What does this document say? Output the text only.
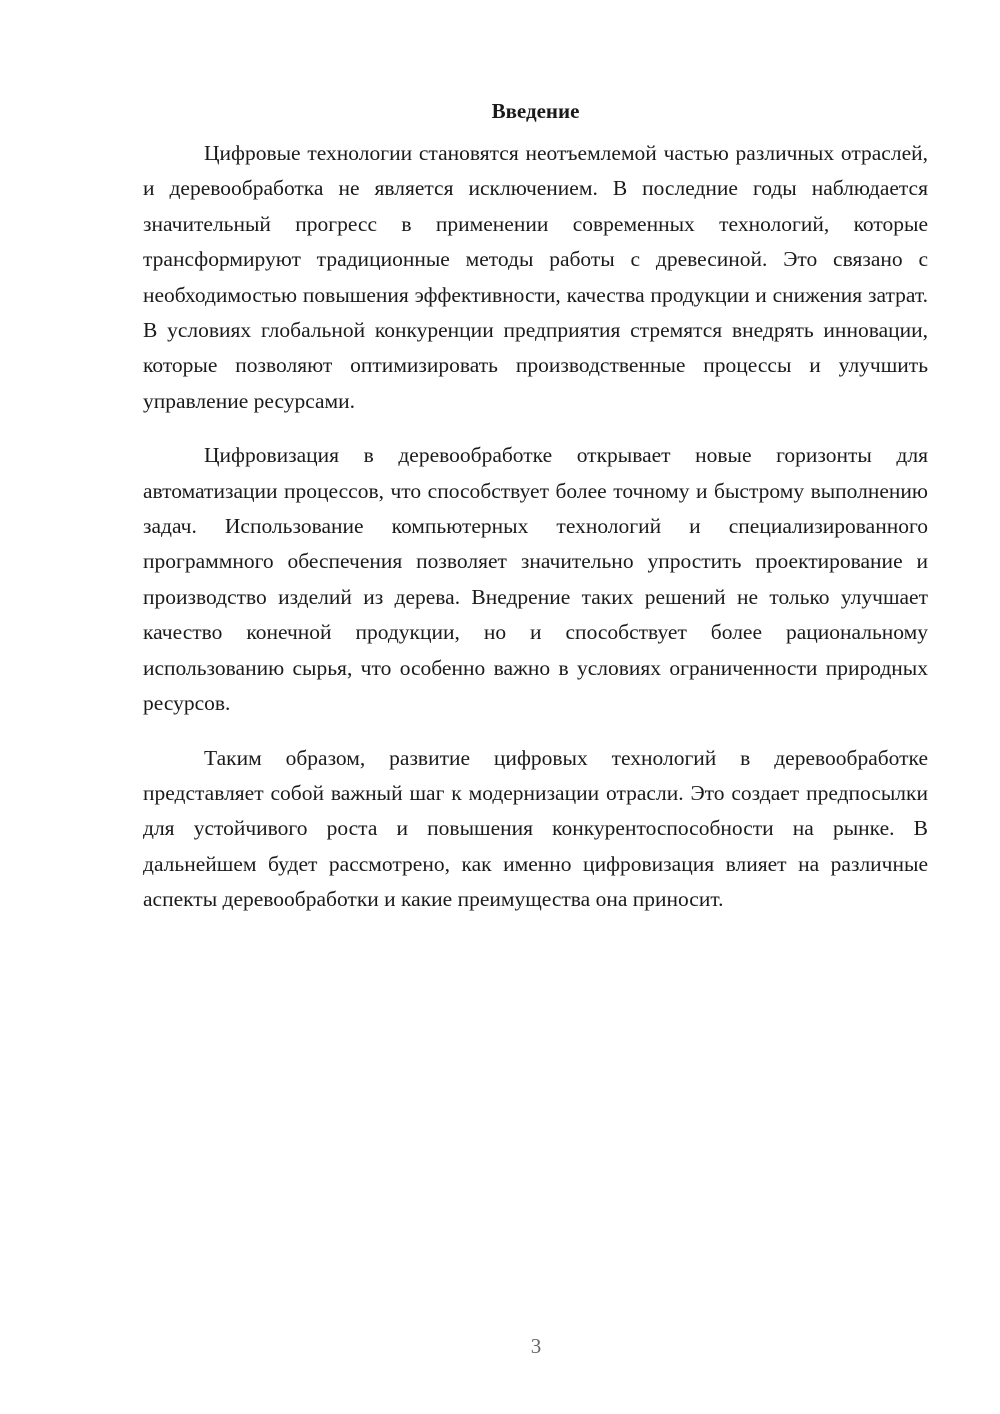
Введение

Цифровые технологии становятся неотъемлемой частью различных отраслей, и деревообработка не является исключением. В последние годы наблюдается значительный прогресс в применении современных технологий, которые трансформируют традиционные методы работы с древесиной. Это связано с необходимостью повышения эффективности, качества продукции и снижения затрат. В условиях глобальной конкуренции предприятия стремятся внедрять инновации, которые позволяют оптимизировать производственные процессы и улучшить управление ресурсами.

Цифровизация в деревообработке открывает новые горизонты для автоматизации процессов, что способствует более точному и быстрому выполнению задач. Использование компьютерных технологий и специализированного программного обеспечения позволяет значительно упростить проектирование и производство изделий из дерева. Внедрение таких решений не только улучшает качество конечной продукции, но и способствует более рациональному использованию сырья, что особенно важно в условиях ограниченности природных ресурсов.

Таким образом, развитие цифровых технологий в деревообработке представляет собой важный шаг к модернизации отрасли. Это создает предпосылки для устойчивого роста и повышения конкурентоспособности на рынке. В дальнейшем будет рассмотрено, как именно цифровизация влияет на различные аспекты деревообработки и какие преимущества она приносит.

3
